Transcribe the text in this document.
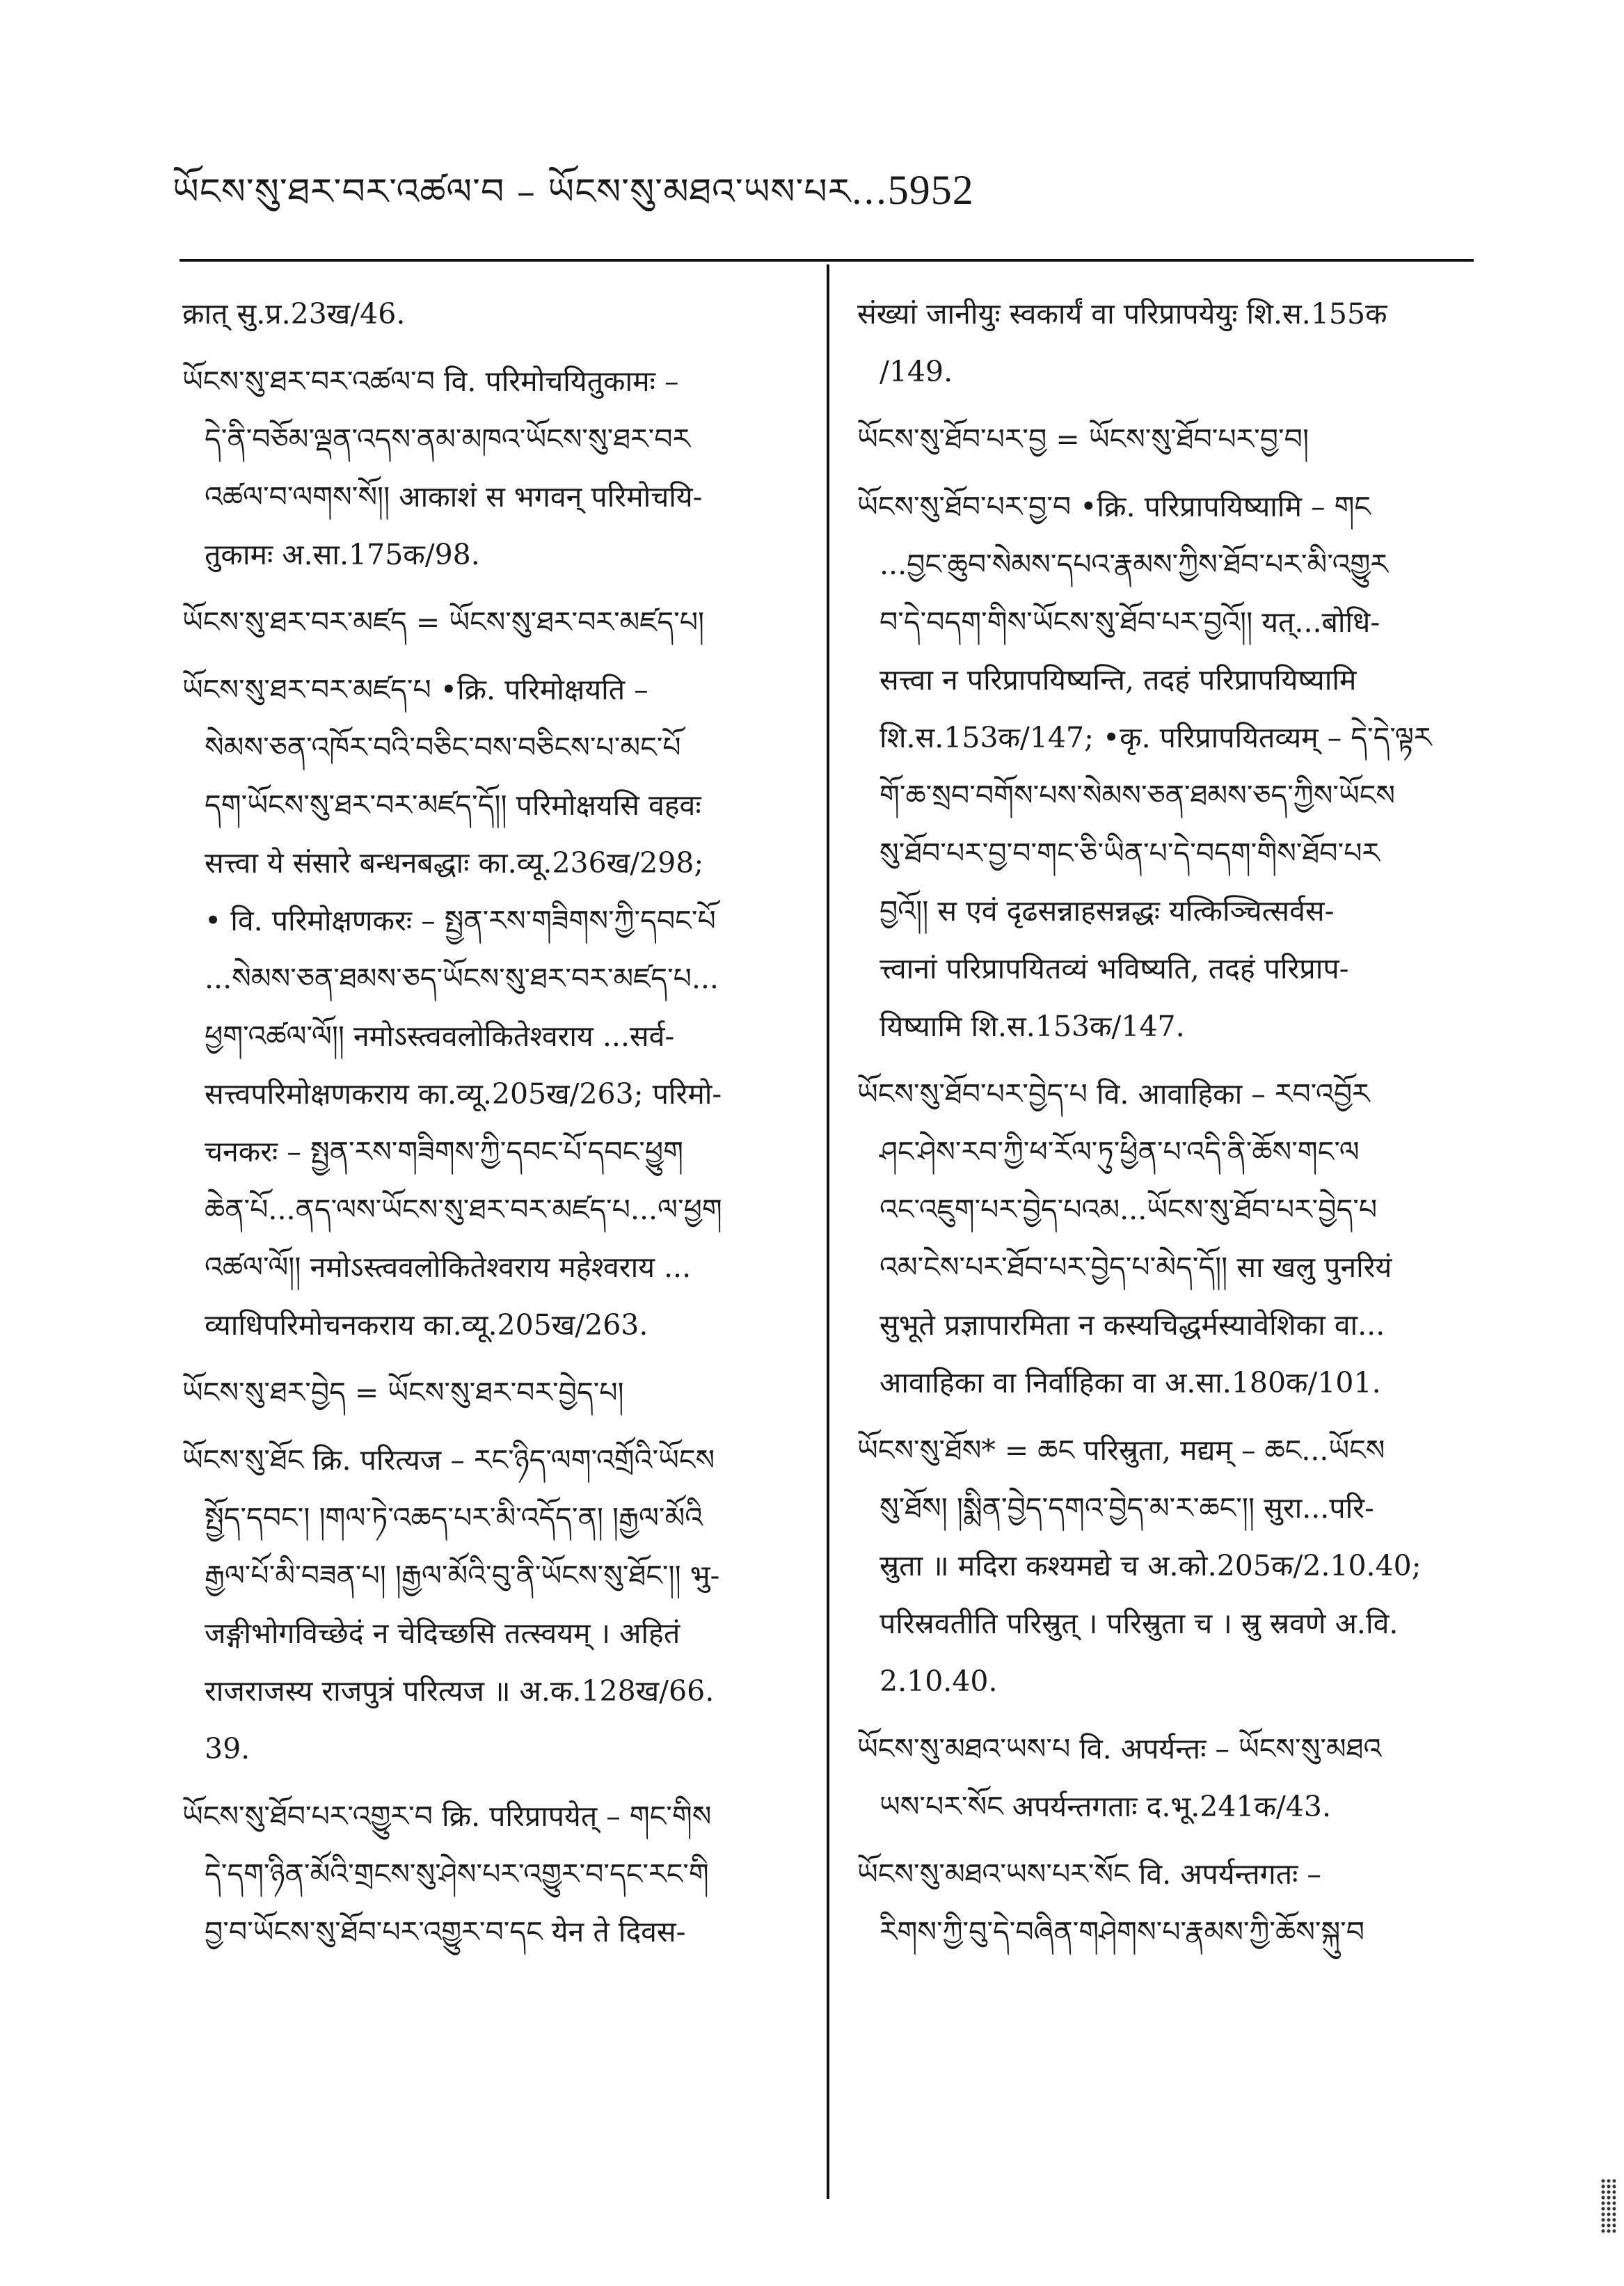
ཡོངས་སུ་ཐར་བར་འཚལ་བ – ཡོངས་སུ་མཐའ་ཡས་པར...5952
क्रात् सु.प्र.23ख/46.
ཡོངས་སུ་ཐར་བར་འཚལ་བ वि. परिमोचयितुकामः –
དེ་ནི་བཅོམ་ལྡན་འདས་ནམ་མཁའ་ཡོངས་སུ་ཐར་བར
འཚལ་བ་ལགས་སོ།། आकाशं स भगवन् परिमोचयि-
तुकामः अ.सा.175क/98.
ཡོངས་སུ་ཐར་བར་མཛད = ཡོངས་སུ་ཐར་བར་མཛད་པ།
ཡོངས་སུ་ཐར་བར་མཛད་པ •क्रि. परिमोक्षयति –
སེམས་ཅན་འཁོར་བའི་བཅིང་བས་བཅིངས་པ་མང་པོ
དག་ཡོངས་སུ་ཐར་བར་མཛད་དོ།། परिमोक्षयसि वहवः
सत्त्वा ये संसारे बन्धनबद्धाः का.व्यू.236ख/298;
• वि. परिमोक्षणकरः – སྤྱན་རས་གཟིགས་ཀྱི་དབང་པོ
...སེམས་ཅན་ཐམས་ཅད་ཡོངས་སུ་ཐར་བར་མཛད་པ...
ཕྱག་འཚལ་ལོ།། नमोऽस्त्ववलोकितेश्वराय ...सर्व-
सत्त्वपरिमोक्षणकराय का.व्यू.205ख/263; परिमो-
चनकरः – སྤྱན་རས་གཟིགས་ཀྱི་དབང་པོ་དབང་ཕྱུག
ཆེན་པོ...ནད་ལས་ཡོངས་སུ་ཐར་བར་མཛད་པ...ལ་ཕྱག
འཚལ་ལོ།། नमोऽस्त्ववलोकितेश्वराय महेश्वराय ...
व्याधिपरिमोचनकराय का.व्यू.205ख/263.
ཡོངས་སུ་ཐར་བྱེད = ཡོངས་སུ་ཐར་བར་བྱེད་པ།
ཡོངས་སུ་ཐོང क्रि. परित्यज – རང་ཉིད་ལག་འགྲོའི་ཡོངས
སྤྱོད་དབང་། །གལ་ཏེ་འཆད་པར་མི་འདོད་ན། །རྒྱལ་མོའི
རྒྱལ་པོ་མི་བཟན་པ། །རྒྱལ་མོའི་བུ་ནི་ཡོངས་སུ་ཐོང་།། भु-
जङ्गीभोगविच्छेदं न चेदिच्छसि तत्स्वयम् । अहितं
राजराजस्य राजपुत्रं परित्यज ॥ अ.क.128ख/66.
39.
ཡོངས་སུ་ཐོབ་པར་འགྱུར་བ क्रि. परिप्रापयेत् – གང་གིས
དེ་དག་ཉིན་མོའི་གྲངས་སུ་ཤེས་པར་འགྱུར་བ་དང་རང་གི
བྱ་བ་ཡོངས་སུ་ཐོབ་པར་འགྱུར་བ་དང येन ते दिवस-
संख्यां जानीयुः स्वकार्यं वा परिप्रापयेयुः शि.स.155क
/149.
ཡོངས་སུ་ཐོབ་པར་བྱ = ཡོངས་སུ་ཐོབ་པར་བྱ་བ།
ཡོངས་སུ་ཐོབ་པར་བྱ་བ •क्रि. परिप्रापयिष्यामि – གང
...བྱང་ཆུབ་སེམས་དཔའ་རྣམས་ཀྱིས་ཐོབ་པར་མི་འགྱུར
བ་དེ་བདག་གིས་ཡོངས་སུ་ཐོབ་པར་བྱའོ།། यत्...बोधि-
सत्त्वा न परिप्रापयिष्यन्ति, तदहं परिप्रापयिष्यामि
शि.स.153क/147; •कृ. परिप्रापयितव्यम् – དེ་དེ་ལྟར
གོ་ཆ་སྲབ་བགོས་པས་སེམས་ཅན་ཐམས་ཅད་ཀྱིས་ཡོངས
སུ་ཐོབ་པར་བྱ་བ་གང་ཅི་ཡིན་པ་དེ་བདག་གིས་ཐོབ་པར
བྱའོ།། स एवं दृढसन्नाहसन्नद्धः यत्किञ्चित्सर्वस-
त्त्वानां परिप्रापयितव्यं भविष्यति, तदहं परिप्राप-
यिष्यामि शि.स.153क/147.
ཡོངས་སུ་ཐོབ་པར་བྱེད་པ वि. आवाहिका – རབ་འབྱོར
ཤང་ཤེས་རབ་ཀྱི་ཕ་རོལ་ཏུ་ཕྱིན་པ་འདི་ནི་ཆོས་གང་ལ
འང་འཇུག་པར་བྱེད་པའམ...ཡོངས་སུ་ཐོབ་པར་བྱེད་པ
འམ་ངེས་པར་ཐོབ་པར་བྱེད་པ་མེད་དོ།། सा खलु पुनरियं
सुभूते प्रज्ञापारमिता न कस्यचिद्धर्मस्यावेशिका वा...
आवाहिका वा निर्वाहिका वा अ.सा.180क/101.
ཡོངས་སུ་ཐོས* = ཆང परिस्रुता, मद्यम् – ཆང...ཡོངས
སུ་ཐོས། །སྨིན་བྱེད་དགའ་བྱེད་མ་ར་ཆང་།། सुरा...परि-
स्रुता ॥ मदिरा कश्यमद्ये च अ.को.205क/2.10.40;
परिस्रवतीति परिस्रुत् । परिस्रुता च । स्रु स्रवणे अ.वि.
2.10.40.
ཡོངས་སུ་མཐའ་ཡས་པ वि. अपर्यन्तः – ཡོངས་སུ་མཐའ
ཡས་པར་སོང अपर्यन्तगताः द.भू.241क/43.
ཡོངས་སུ་མཐའ་ཡས་པར་སོང वि. अपर्यन्तगतः –
རིགས་ཀྱི་བུ་དེ་བཞིན་གཤེགས་པ་རྣམས་ཀྱི་ཆོས་སྐུ་བ
